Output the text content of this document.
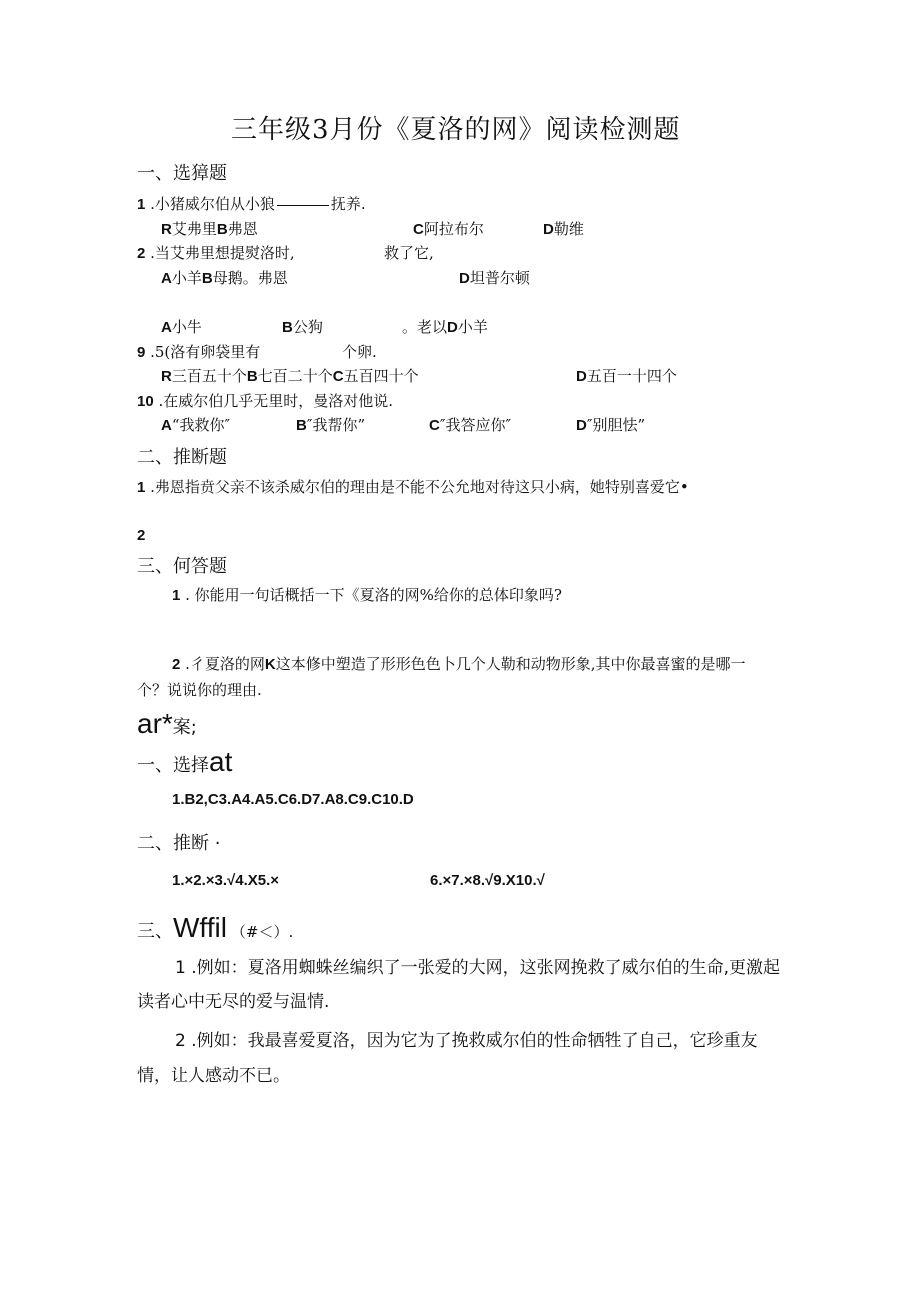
三年级3月份《夏洛的网》阅读检测题
一、选獐题
1 .小猪威尔伯从小狼	抚养.
R艾弗里B弗恩	C阿拉布尔	D勒维
2 .当艾弗里想提熨洛时,	救了它,
A小羊B母鹅。弗恩	D坦普尔顿
A小牛	B公狗	。老以D小羊
9 .5(洛有卵袋里有	个卵.
R三百五十个B七百二十个C五百四十个	D五百一十四个
10 .在威尔伯几乎无里时，曼洛对他说.
A“我救你″	B″我帮你”	C″我答应你″	D″别胆怯”
二、推断题
1 .弗恩指贲父亲不该杀威尔伯的理由是不能不公允地对待这只小病，她特别喜爱它•
2
三、何答题
1 . 你能用一句话概括一下《夏洛的网%给你的总体印象吗?
2 .彳夏洛的网K这本修中塑造了形形色色卜几个人勒和动物形象,其中你最喜蜜的是哪一
个？说说你的理由.
ar*案;
一、选择at
1.B2,C3.A4.A5.C6.D7.A8.C9.C10.D
二、推断 ·
1.×2.×3.√4.X5.×	6.×7.×8.√9.X10.√
三、Wffil （#＜）.
1 .例如：夏洛用蜘蛛丝编织了一张爱的大网，这张网挽救了威尔伯的生命,更激起
读者心中无尽的爱与温情.
2 .例如：我最喜爱夏洛，因为它为了挽救威尔伯的性命牺牲了自己，它珍重友
情，让人感动不已。
